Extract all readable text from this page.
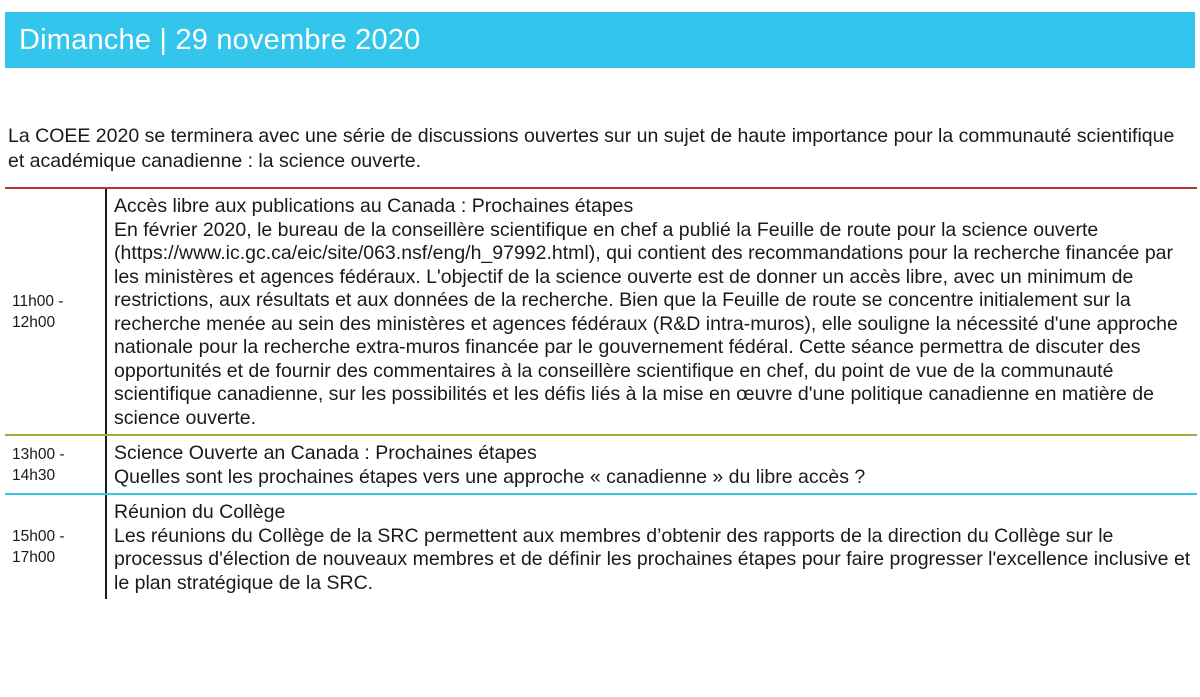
Dimanche | 29 novembre 2020

La COEE 2020 se terminera avec une série de discussions ouvertes sur un sujet de haute importance pour la communauté scientifique et académique canadienne : la science ouverte.

11h00 -
12h00
Accès libre aux publications au Canada : Prochaines étapes
En février 2020, le bureau de la conseillère scientifique en chef a publié la Feuille de route pour la science ouverte (https://www.ic.gc.ca/eic/site/063.nsf/eng/h_97992.html), qui contient des recommandations pour la recherche financée par les ministères et agences fédéraux. L'objectif de la science ouverte est de donner un accès libre, avec un minimum de restrictions, aux résultats et aux données de la recherche. Bien que la Feuille de route se concentre initialement sur la recherche menée au sein des ministères et agences fédéraux (R&D intra-muros), elle souligne la nécessité d'une approche nationale pour la recherche extra-muros financée par le gouvernement fédéral. Cette séance permettra de discuter des opportunités et de fournir des commentaires à la conseillère scientifique en chef, du point de vue de la communauté scientifique canadienne, sur les possibilités et les défis liés à la mise en œuvre d'une politique canadienne en matière de science ouverte.
13h00 -
14h30
Science Ouverte an Canada : Prochaines étapes
Quelles sont les prochaines étapes vers une approche « canadienne » du libre accès ?
15h00 -
17h00
Réunion du Collège
Les réunions du Collège de la SRC permettent aux membres d’obtenir des rapports de la direction du Collège sur le processus d'élection de nouveaux membres et de définir les prochaines étapes pour faire progresser l'excellence inclusive et le plan stratégique de la SRC.
